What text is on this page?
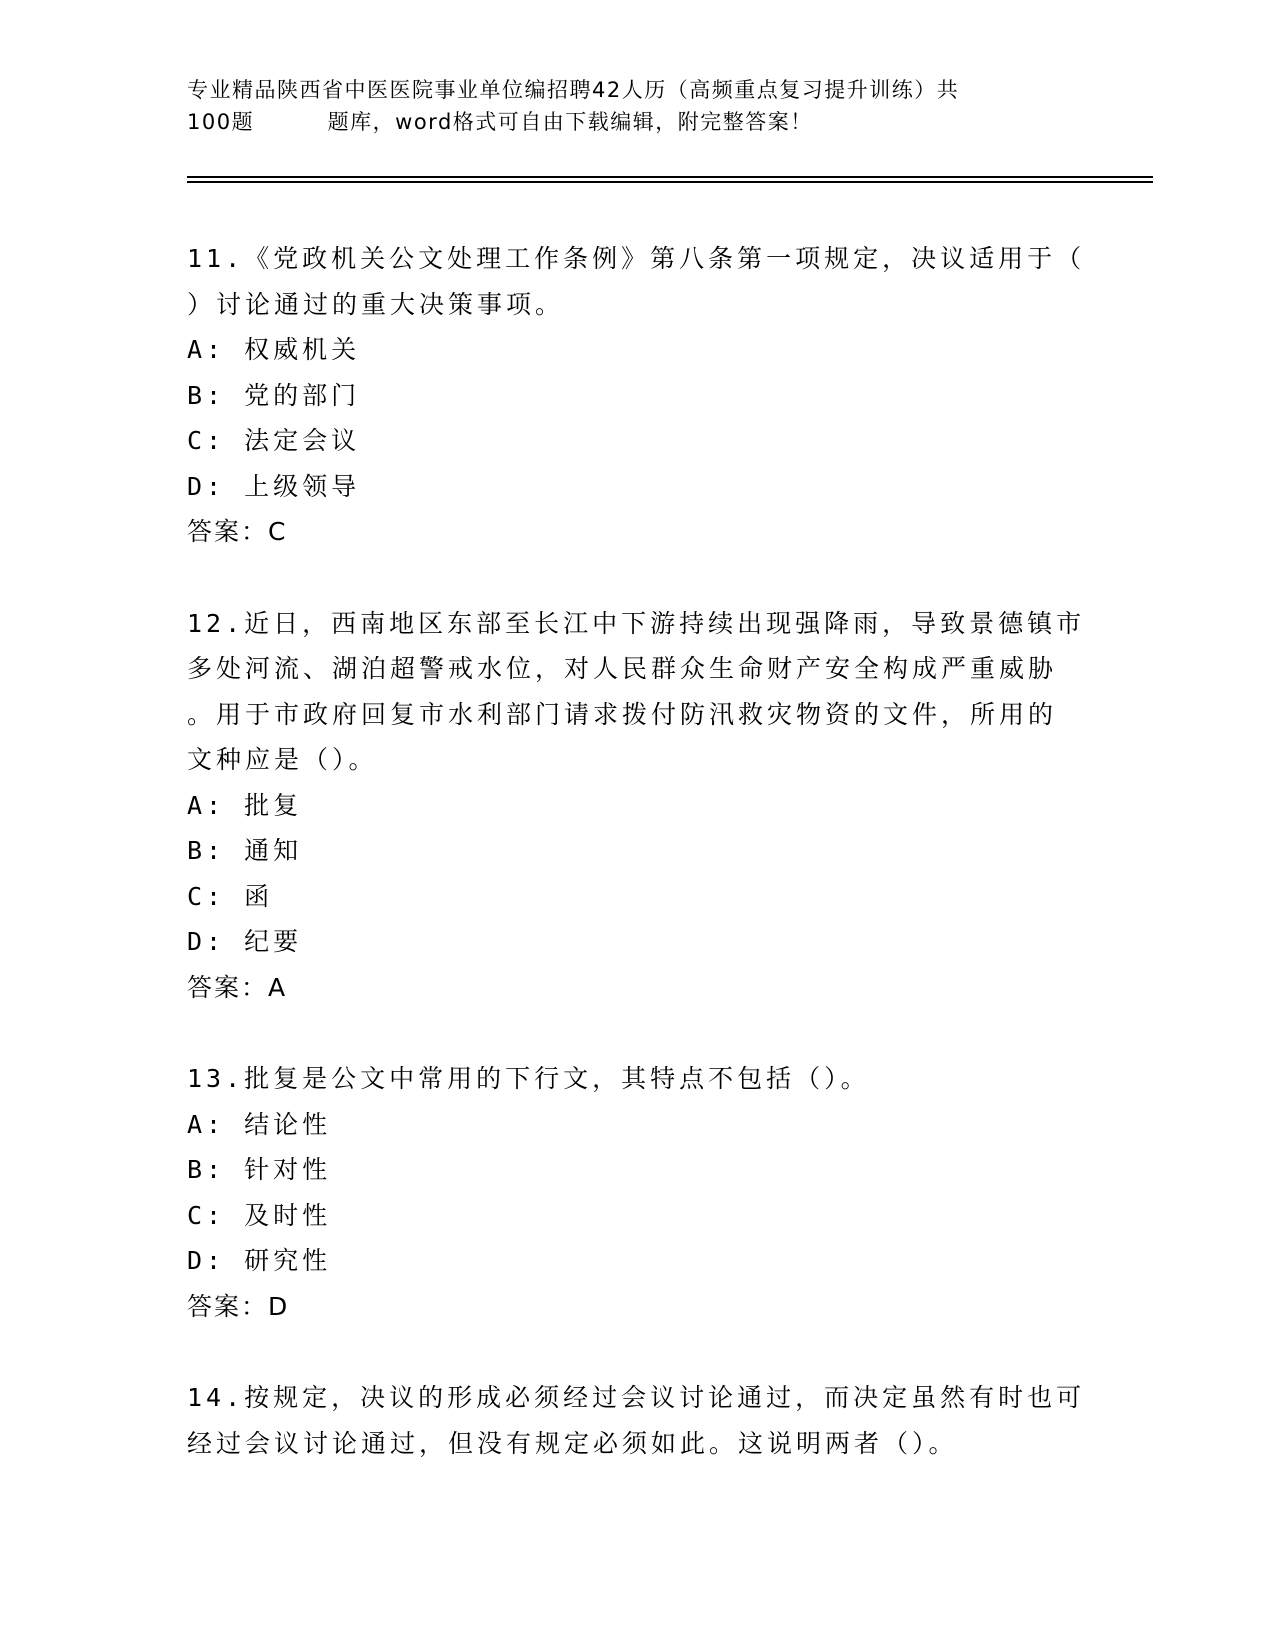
专业精品陕西省中医医院事业单位编招聘42人历（高频重点复习提升训练）共
100题         题库，word格式可自由下载编辑，附完整答案！
11.《党政机关公文处理工作条例》第八条第一项规定，决议适用于（
）讨论通过的重大决策事项。
A: 权威机关
B: 党的部门
C: 法定会议
D: 上级领导
答案：C
12.近日，西南地区东部至长江中下游持续出现强降雨，导致景德镇市
多处河流、湖泊超警戒水位，对人民群众生命财产安全构成严重威胁
。用于市政府回复市水利部门请求拨付防汛救灾物资的文件，所用的
文种应是（）。
A: 批复
B: 通知
C: 函
D: 纪要
答案：A
13.批复是公文中常用的下行文，其特点不包括（）。
A: 结论性
B: 针对性
C: 及时性
D: 研究性
答案：D
14.按规定，决议的形成必须经过会议讨论通过，而决定虽然有时也可
经过会议讨论通过，但没有规定必须如此。这说明两者（）。
